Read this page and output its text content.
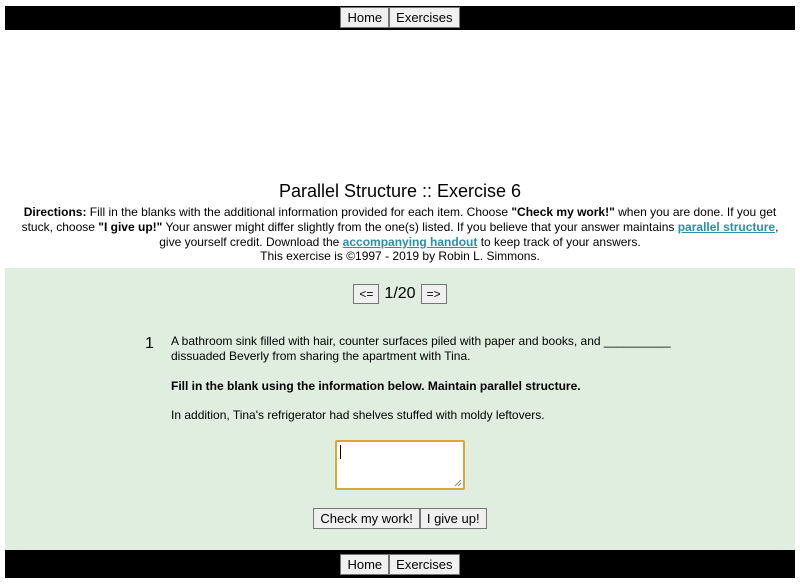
Home	Exercises
Parallel Structure :: Exercise 6
Directions: Fill in the blanks with the additional information provided for each item. Choose "Check my work!" when you are done. If you get stuck, choose "I give up!" Your answer might differ slightly from the one(s) listed. If you believe that your answer maintains parallel structure, give yourself credit. Download the accompanying handout to keep track of your answers.
This exercise is ©1997 - 2019 by Robin L. Simmons.
<= 1/20 =>
1 A bathroom sink filled with hair, counter surfaces piled with paper and books, and __________ dissuaded Beverly from sharing the apartment with Tina.
Fill in the blank using the information below. Maintain parallel structure.
In addition, Tina's refrigerator had shelves stuffed with moldy leftovers.
Check my work!	I give up!
Home	Exercises
